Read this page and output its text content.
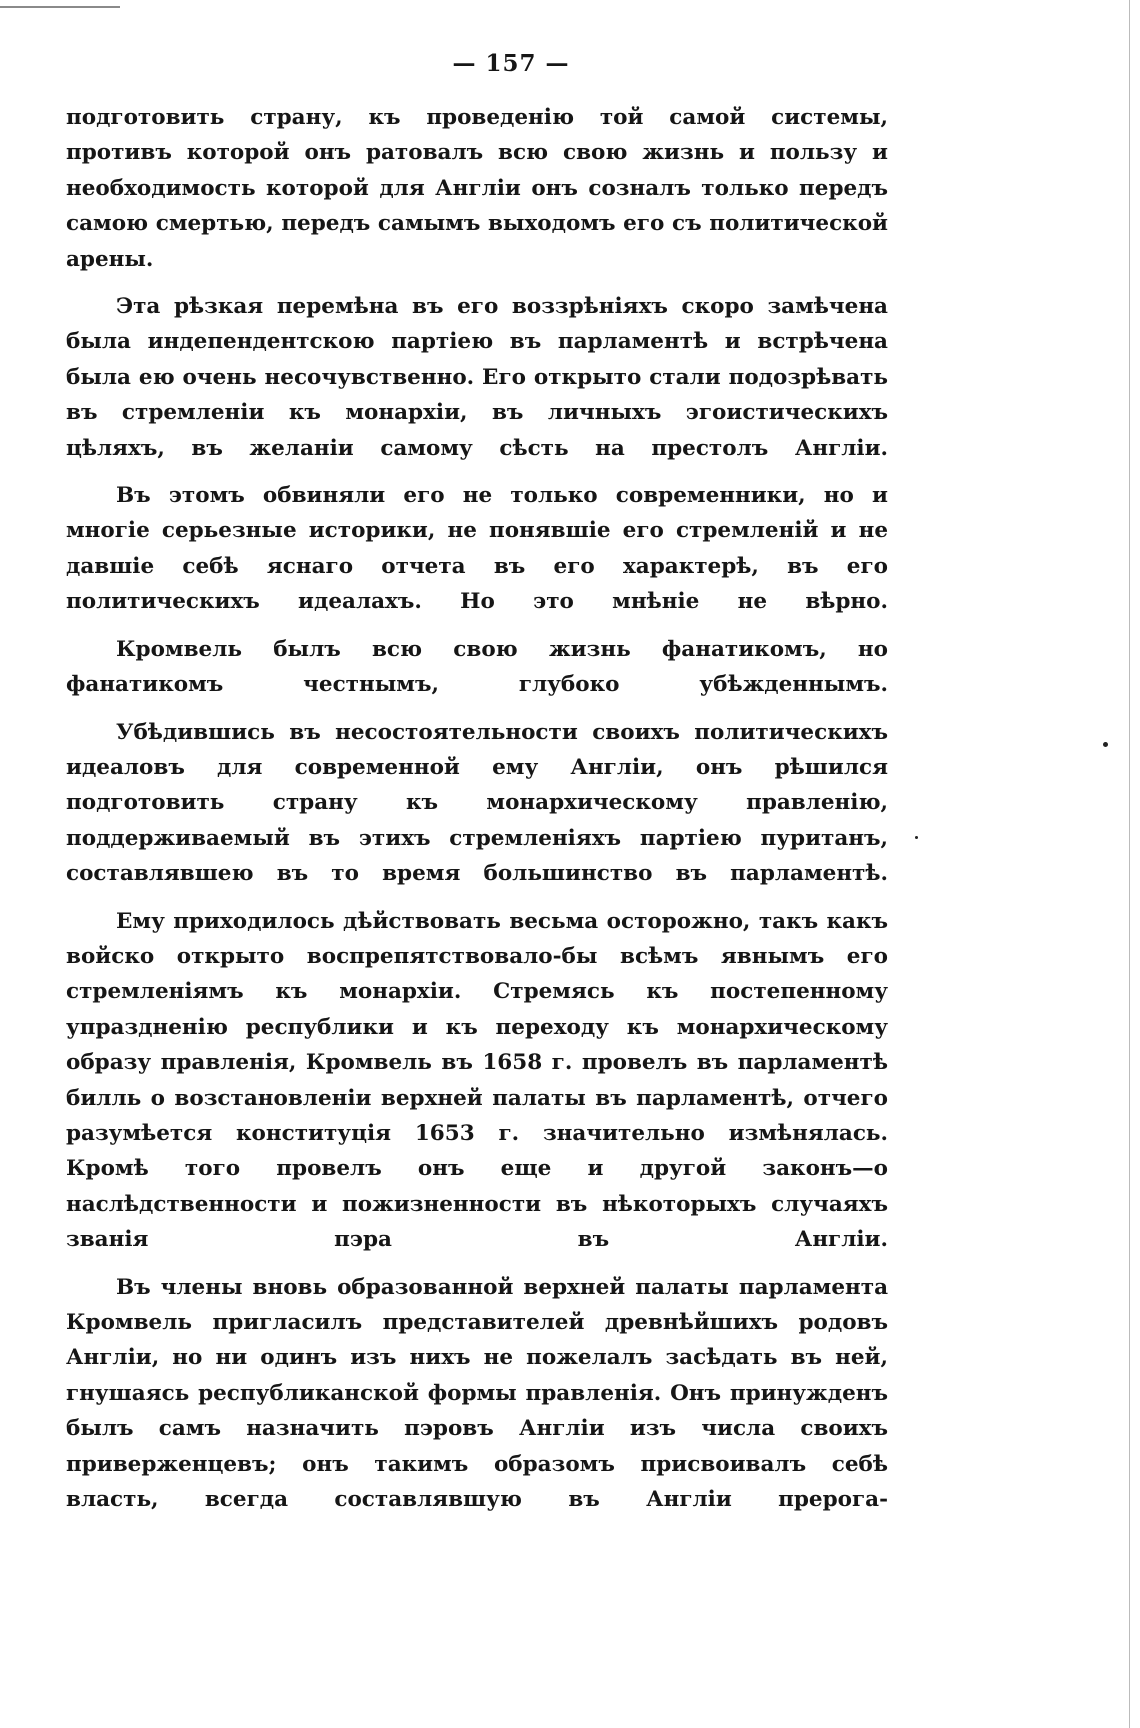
— 157 —

подготовить страну, къ проведенію той самой системы, противъ которой онъ ратовалъ всю свою жизнь и пользу и необходимость которой для Англіи онъ созналъ только передъ самою смертью, передъ самымъ выходомъ его съ политической арены.

Эта рѣзкая перемѣна въ его воззрѣніяхъ скоро замѣчена была индепендентскою партіею въ парламентѣ и встрѣчена была ею очень несочувственно. Его открыто стали подозрѣвать въ стремленіи къ монархіи, въ личныхъ эгоистическихъ цѣляхъ, въ желаніи самому сѣсть на престолъ Англіи.

Въ этомъ обвиняли его не только современники, но и многіе серьезные историки, не понявшіе его стремленій и не давшіе себѣ яснаго отчета въ его характерѣ, въ его политическихъ идеалахъ. Но это мнѣніе не вѣрно.

Кромвель былъ всю свою жизнь фанатикомъ, но фанатикомъ честнымъ, глубоко убѣжденнымъ.

Убѣдившись въ несостоятельности своихъ политическихъ идеаловъ для современной ему Англіи, онъ рѣшился подготовить страну къ монархическому правленію, поддерживаемый въ этихъ стремленіяхъ партіею пуританъ, составлявшею въ то время большинство въ парламентѣ.

Ему приходилось дѣйствовать весьма осторожно, такъ какъ войско открыто воспрепятствовало-бы всѣмъ явнымъ его стремленіямъ къ монархіи. Стремясь къ постепенному упраздненію республики и къ переходу къ монархическому образу правленія, Кромвель въ 1658 г. провелъ въ парламентѣ билль о возстановленіи верхней палаты въ парламентѣ, отчего разумѣется конституція 1653 г. значительно измѣнялась. Кромѣ того провелъ онъ еще и другой законъ—о наслѣдственности и пожизненности въ нѣкоторыхъ случаяхъ званія пэра въ Англіи.

Въ члены вновь образованной верхней палаты парламента Кромвель пригласилъ представителей древнѣйшихъ родовъ Англіи, но ни одинъ изъ нихъ не пожелалъ засѣдать въ ней, гнушаясь республиканской формы правленія. Онъ принужденъ былъ самъ назначить пэровъ Англіи изъ числа своихъ приверженцевъ; онъ такимъ образомъ присвоивалъ себѣ власть, всегда составлявшую въ Англіи прерога-
